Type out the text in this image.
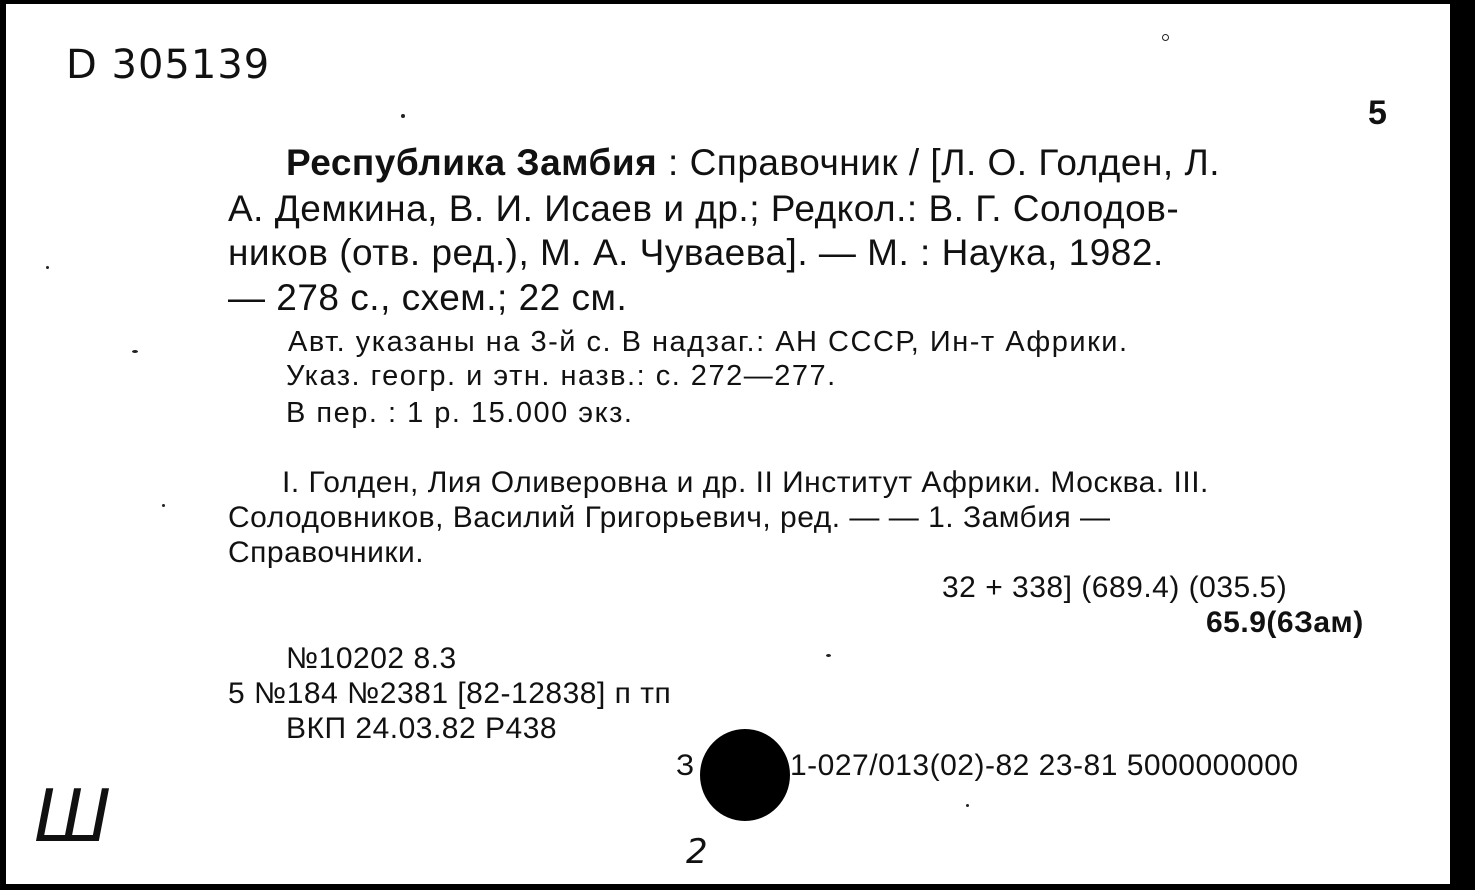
D 305139
5
Республика Замбия : Справочник / [Л. О. Голден, Л.
А. Демкина, В. И. Исаев и др.; Редкол.: В. Г. Солодов-
ников (отв. ред.), М. А. Чуваева]. — М. : Наука, 1982.
— 278 с., схем.; 22 см.
Авт. указаны на 3-й с. В надзаг.: АН СССР, Ин-т Африки.
Указ. геогр. и этн. назв.: с. 272—277.
В пер. : 1 р. 15.000 экз.
I. Голден, Лия Оливеровна и др. II Институт Африки. Москва. III.
Солодовников, Василий Григорьевич, ред. — — 1. Замбия —
Справочники.
32 + 338] (689.4) (035.5)
65.9(6Зам)
№10202 8.3
5 №184 №2381 [82-12838] п тп
ВКП 24.03.82 Р438
З	1-027/013(02)-82 23-81 5000000000
Ш	2
